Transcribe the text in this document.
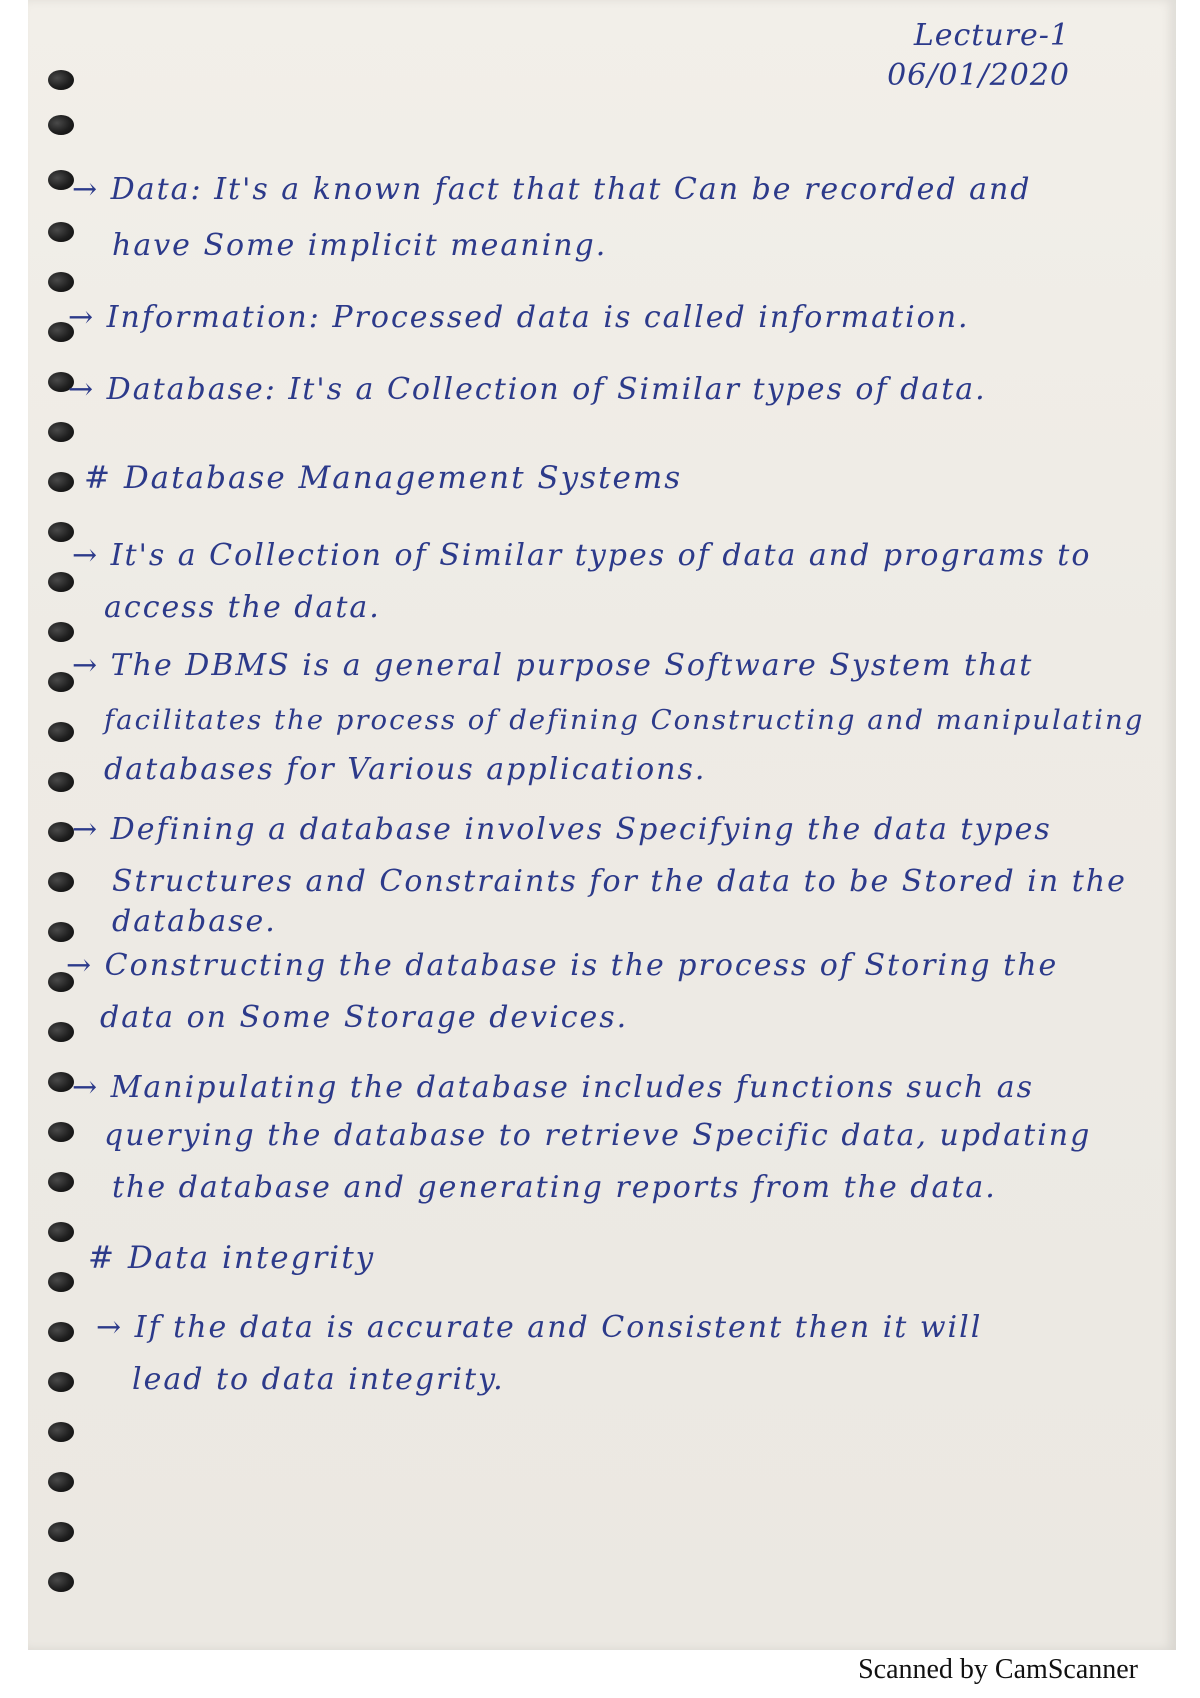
Lecture-1
06/01/2020
→ Data: It's a known fact that that Can be recorded and
have Some implicit meaning.
→ Information: Processed data is called information.
→ Database: It's a Collection of Similar types of data.
# Database Management Systems
→ It's a Collection of Similar types of data and programs to
access the data.
→ The DBMS is a general purpose Software System that
facilitates the process of defining Constructing and manipulating
databases for Various applications.
→ Defining a database involves Specifying the data types
Structures and Constraints for the data to be Stored in the
database.
→ Constructing the database is the process of Storing the
data on Some Storage devices.
→ Manipulating the database includes functions such as
querying the database to retrieve Specific data, updating
the database and generating reports from the data.
# Data integrity
→ If the data is accurate and Consistent then it will
lead to data integrity.
Scanned by CamScanner
